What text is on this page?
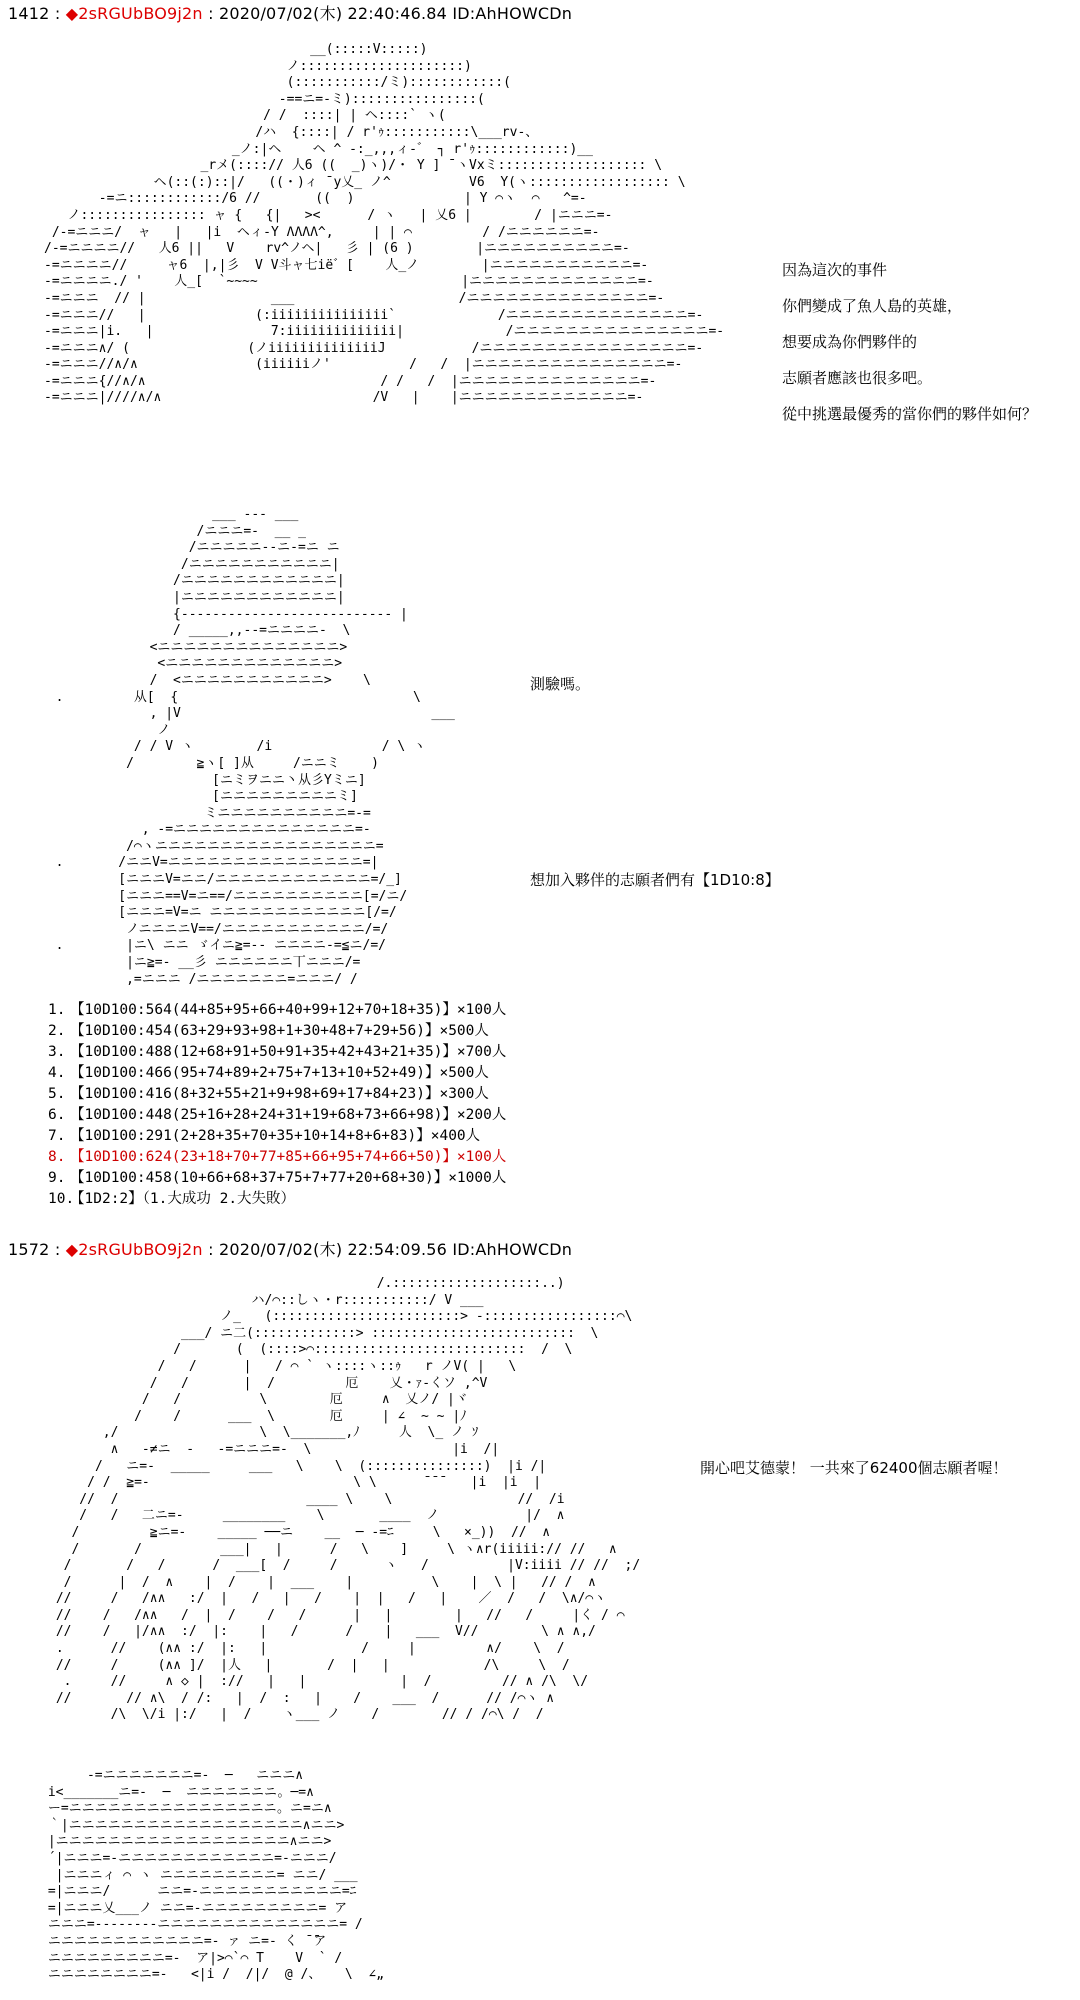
1412 : ◆2sRGUbBO9j2n : 2020/07/02(木) 22:40:46.84 ID:AhHOWCDn
__(:::::V:::::)
ノ:::::::::::::::::::::)
(:::::::::::/ミ)::::::::::::(
-==ニ=-ミ)::::::::::::::::(
/ /  ::::| | ヘ::::` ヽ(
/ハ  {::::| / r'ｩ:::::::::::\___rv-、
_ノ:|ヘ    ヘ ^ -:_,,,ィ-゛ ┐ r'ｩ::::::::::::)__
_rメ(::::// 人6 ((  _)ヽ)/・ Y ] ̄ ヽVxミ::::::::::::::::::: \
ヘ(::(:)::|/   ((・)ィ ̄ y乂_ ノ^          V6  Y(ヽ:::::::::::::::::: \
-=ニ::::::::::::/6 //       ((  )              | Y ⌒ヽ  ⌒   ^=-
ノ:::::::::::::::: ャ {   {|   ><      / ヽ   | 乂6 |        / |ニニニ=-
/-=ニニニ/  ャ   |   |i  ヘィ-Y ΛΛΛΛ^,     | | ⌒         / /ニニニニニニ=-
/-=ニニニニ//   人6 ||   V    rv^ノヘ|   彡 | (6 )        |ニニニニニニニニニニ=-
-=ニニニニ//     ャ6  |,|彡  V V斗ャ七iё゛[    人_ノ        |ニニニニニニニニニニニ=-
-=ニニニニ./ '    人_[  `~~~~                          |ニニニニニニニニニニニニニ=-
-=ニニニ  // |                ___                     /ニニニニニニニニニニニニニニ=-
-=ニニニ//   |              (:iiiiiiiiiiiiiii`             /ニニニニニニニニニニニニニニ=-
-=ニニニ|i.   |               7:iiiiiiiiiiiiii|             /ニニニニニニニニニニニニニニニ=-
-=ニニニ∧/ (               (ノiiiiiiiiiiiiiiJ           /ニニニニニニニニニニニニニニニニ=-
-=ニニニ//∧/∧               (iiiiiiノ'          /   /  |ニニニニニニニニニニニニニニニ=-
-=ニニニ{//∧/∧                              / /   /  |ニニニニニニニニニニニニニニ=-
-=ニニニ|////∧/∧                           /V   |    |ニニニニニニニニニニニニニ=-
因為這次的事件
你們變成了魚人島的英雄，
想要成為你們夥伴的
志願者應該也很多吧。
從中挑選最優秀的當你們的夥伴如何？
___ --- ___
/ニニニ=-  __ _
/ニニニニニ--ニ-=ニ ニ
/ニニニニニニニニニニニ|
/ニニニニニニニニニニニニ|
|ニニニニニニニニニニニニ|
{--------------------------- |
/ _____,,--=ニニニニ-  \
<ニニニニニニニニニニニニニニ>
<ニニニニニニニニニニニニニ>
/  <ニニニニニニニニニニニ>    \
.         从[  {                              \
, |V                                ___
ノ
/ / V ヽ        /i              / \ ヽ
/        ≧ヽ[ ]从     /ニニミ    )
[ニミヲニニ丶从彡Yミニ]
[ニニニニニニニニニミ]
ミニニニニニニニニニニ=-=
, -=ニニニニニニニニニニニニニニ=-
/⌒ヽニニニニニニニニニニニニニニニニニ=
.       /ニニV=ニニニニニニニニニニニニニニニ=|
[ニニニV=ニニ/ニニニニニニニニニニニニ=/_]
[ニニニ==V=ニ==/ニニニニニニニニニニ[=/ニ/
[ニニニ=V=ニ ニニニニニニニニニニニニ[/=/
ノニニニニV==/ニニニニニニニニニニニ/=/
.        |ニ\ ニニ ゞイニ≧=-- ニニニニ-=≦ニ/=/
|ニ≧=- __彡 ニニニニニニ丅ニニニ/=
,=ニニニ /ニニニニニニニ=ニニニ/ /
測驗嗎。
想加入夥伴的志願者們有【1D10:8】
1. 【10D100:564(44+85+95+66+40+99+12+70+18+35)】×100人
2. 【10D100:454(63+29+93+98+1+30+48+7+29+56)】×500人
3. 【10D100:488(12+68+91+50+91+35+42+43+21+35)】×700人
4. 【10D100:466(95+74+89+2+75+7+13+10+52+49)】×500人
5. 【10D100:416(8+32+55+21+9+98+69+17+84+23)】×300人
6. 【10D100:448(25+16+28+24+31+19+68+73+66+98)】×200人
7. 【10D100:291(2+28+35+70+35+10+14+8+6+83)】×400人
8. 【10D100:624(23+18+70+77+85+66+95+74+66+50)】×100人
9. 【10D100:458(10+66+68+37+75+7+77+20+68+30)】×1000人
10.【1D2:2】（1.大成功 2.大失敗）
1572 : ◆2sRGUbBO9j2n : 2020/07/02(木) 22:54:09.56 ID:AhHOWCDn
/.:::::::::::::::::::..)
ハ/⌒::しヽ・r:::::::::::/ V ___
ノ_   (::::::::::::::::::::::::> -:::::::::::::::::⌒\
___/ ニ二(:::::::::::::> ::::::::::::::::::::::::::  \
/       (  (::::>⌒:::::::::::::::::::::::::::  /  \
/   /      |   / ⌒ ` ヽ::::ヽ::ｩ   r ノV( |   \
/   /       |  /         厄    乂・ｧ-くソ ,^V
/   /          \        厄     ∧  乂ノ/ |ヾ
/    /      ___  \       厄     | ∠  ~ ~ |ﾉ
,/                  \  \_______,ﾉ     人  \_ ノ ｿ
∧   -≠ニ  -   -=ニニニ=-  \                  |i  /|
/   ニ=-  _____     ___   \    \  (:::::::::::::::)  |i /|
/ /  ≧=-                          \ \      ̄ ̄ ̄    |i  |i  |
//  /                        ____ \    \                //  /i
/   /   二ニ=-     ________    \       ____  ノ           |/  ∧
/         ≧ニ=-    _____ ──ニ    __  ─ -=ﾆ     \   ×_))  //  ∧
/       /          ___|   |      /   \    ]     \ ヽ∧r(iiiii:// //   ∧
/       /   /      /  ___[  /     /      ヽ   /          |V:iiii // //  ;/
/      |  /  ∧    |  /    |  ___    |          \    |  \ |   // /  ∧
//     /   /∧∧   :/  |   /   |   /    |  |   /   |    ／  /   /  \∧/⌒ヽ
//    /   /∧∧   /  |  /    /   /      |   |        |   //   /     |く / ⌒
//    /   |/∧∧  :/  |:    |   /      /    |   ___  V//        \ ∧ ∧,/
.      //    (∧∧ :/  |:   |            /     |         ∧/    \  /
//     /     (∧∧ ]/  |人   |       /  |   |            /\     \  /
.     //     ∧ ◇ |  ://   |   |            |  /         // ∧ /\  \/
//       // ∧\  / /:   |  /  :   |    /    ___  /      // /⌒ヽ ∧
/\  \/i |:/   |  /    ヽ___ ノ    /        // / /⌒\ /  /
開心吧艾德蒙！ 一共來了62400個志願者喔！
-=ニニニニニニニ=-  ─   ニニニ∧
i<_______ニ=-  ─  ニニニニニニニ。─=∧
ー=ニニニニニニニニニニニニニニニニ。ニ=ニ∧
｀|ニニニニニニニニニニニニニニニニニニ∧ニニ>
|ニニニニニニニニニニニニニニニニニニ∧ニニ>
´|ニニニ=-ニニニニニニニニニニニニ=-ニニニ/
|ニニニィ ⌒ ヽ ニニニニニニニニニ= ニニ/ ___
=|ニニニ/      ニニ=-ニニニニニニニニニニニ=ﾆ
=|ニニニ乂___ノ ニニ=-ニニニニニニニニニ= ア
ニニニ=--------ニニニニニニニニニニニニニニ= /
ニニニニニニニニニニニニ=- ァ ニ=- く ̄ ̄ア
ニニニニニニニニニ=-  ア|>⌒`⌒ T    V  ` /
ニニニニニニニニ=-   <|i /  /|/  @ /、   \  ∠„
